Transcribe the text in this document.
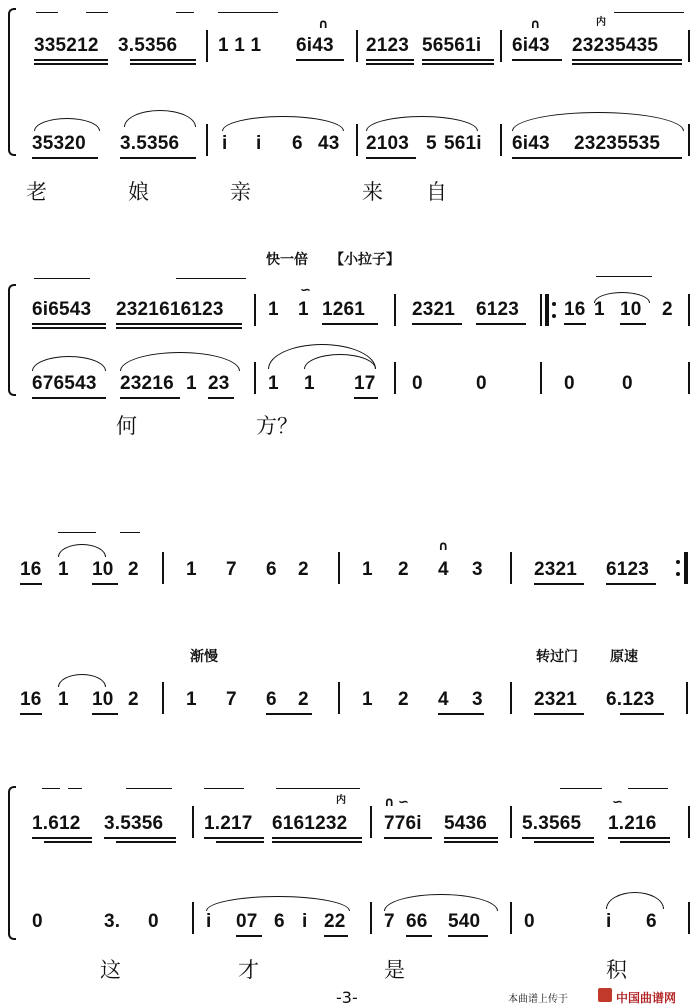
335212 3.5356 1 1 1 6i43 2123 56561i 6i43 23235435
∩	∩	内
35320 3.5356 i i 6 43 2103 5 561i 6i43 23235535
老	娘	亲	来 自
快一倍 【小拉子】
6i6543 2321616123 1 1 1261 2321 6123 16 1 10 2
∽
676543 23216 1 23 1 1 17 0	0	0 0
何	方？
16 1 10 2 1 7 6 2	1 2 4 3	2321 6123
∩
渐慢	转过门 原速
16 1 10 2 1 7 6 2	1 2 4 3	2321 6.123
1.612 3.5356 1.217 6161232 776i 5436 5.3565 1.216
内	∩ ∽	∽
0	3. 0 i 07 6 i 22 7 66 540 0	i 6
这	才	是	积
-3-	本曲谱上传于	中国曲谱网
